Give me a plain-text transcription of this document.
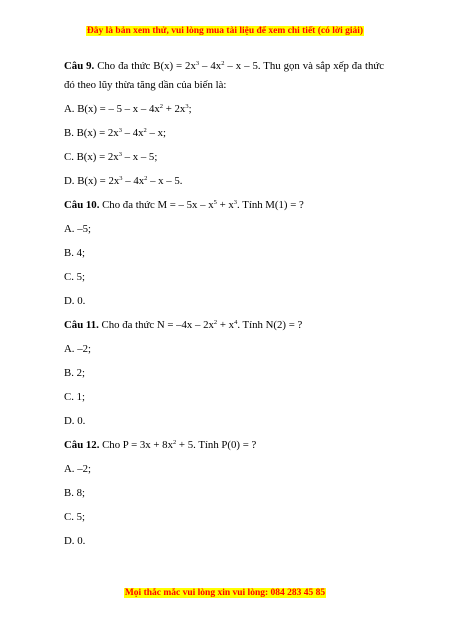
Đây là bản xem thử, vui lòng mua tài liệu để xem chi tiết (có lời giải)
Câu 9. Cho đa thức $B(x) = 2x^3 - 4x^2 - x - 5$. Thu gọn và sắp xếp đa thức đó theo lũy thừa tăng dần của biến là:
A. B(x) = – $5 - x - 4x^2 + 2x^3$;
B. $B(x) = 2x^3 - 4x^2 - x$;
C. $B(x) = 2x^3 - x - 5$;
D. $B(x) = 2x^3 - 4x^2 - x - 5$.
Câu 10. Cho đa thức M = – $5x - x^5 + x^3$. Tính M(1) = ?
A. –5;
B. 4;
C. 5;
D. 0.
Câu 11. Cho đa thức $N = -4x - 2x^2 + x^4$. Tính N(2) = ?
A. –2;
B. 2;
C. 1;
D. 0.
Câu 12. Cho $P = 3x + 8x^2 + 5$. Tính P(0) = ?
A. –2;
B. 8;
C. 5;
D. 0.
Mọi thắc mắc vui lòng xin vui lòng: 084 283 45 85
